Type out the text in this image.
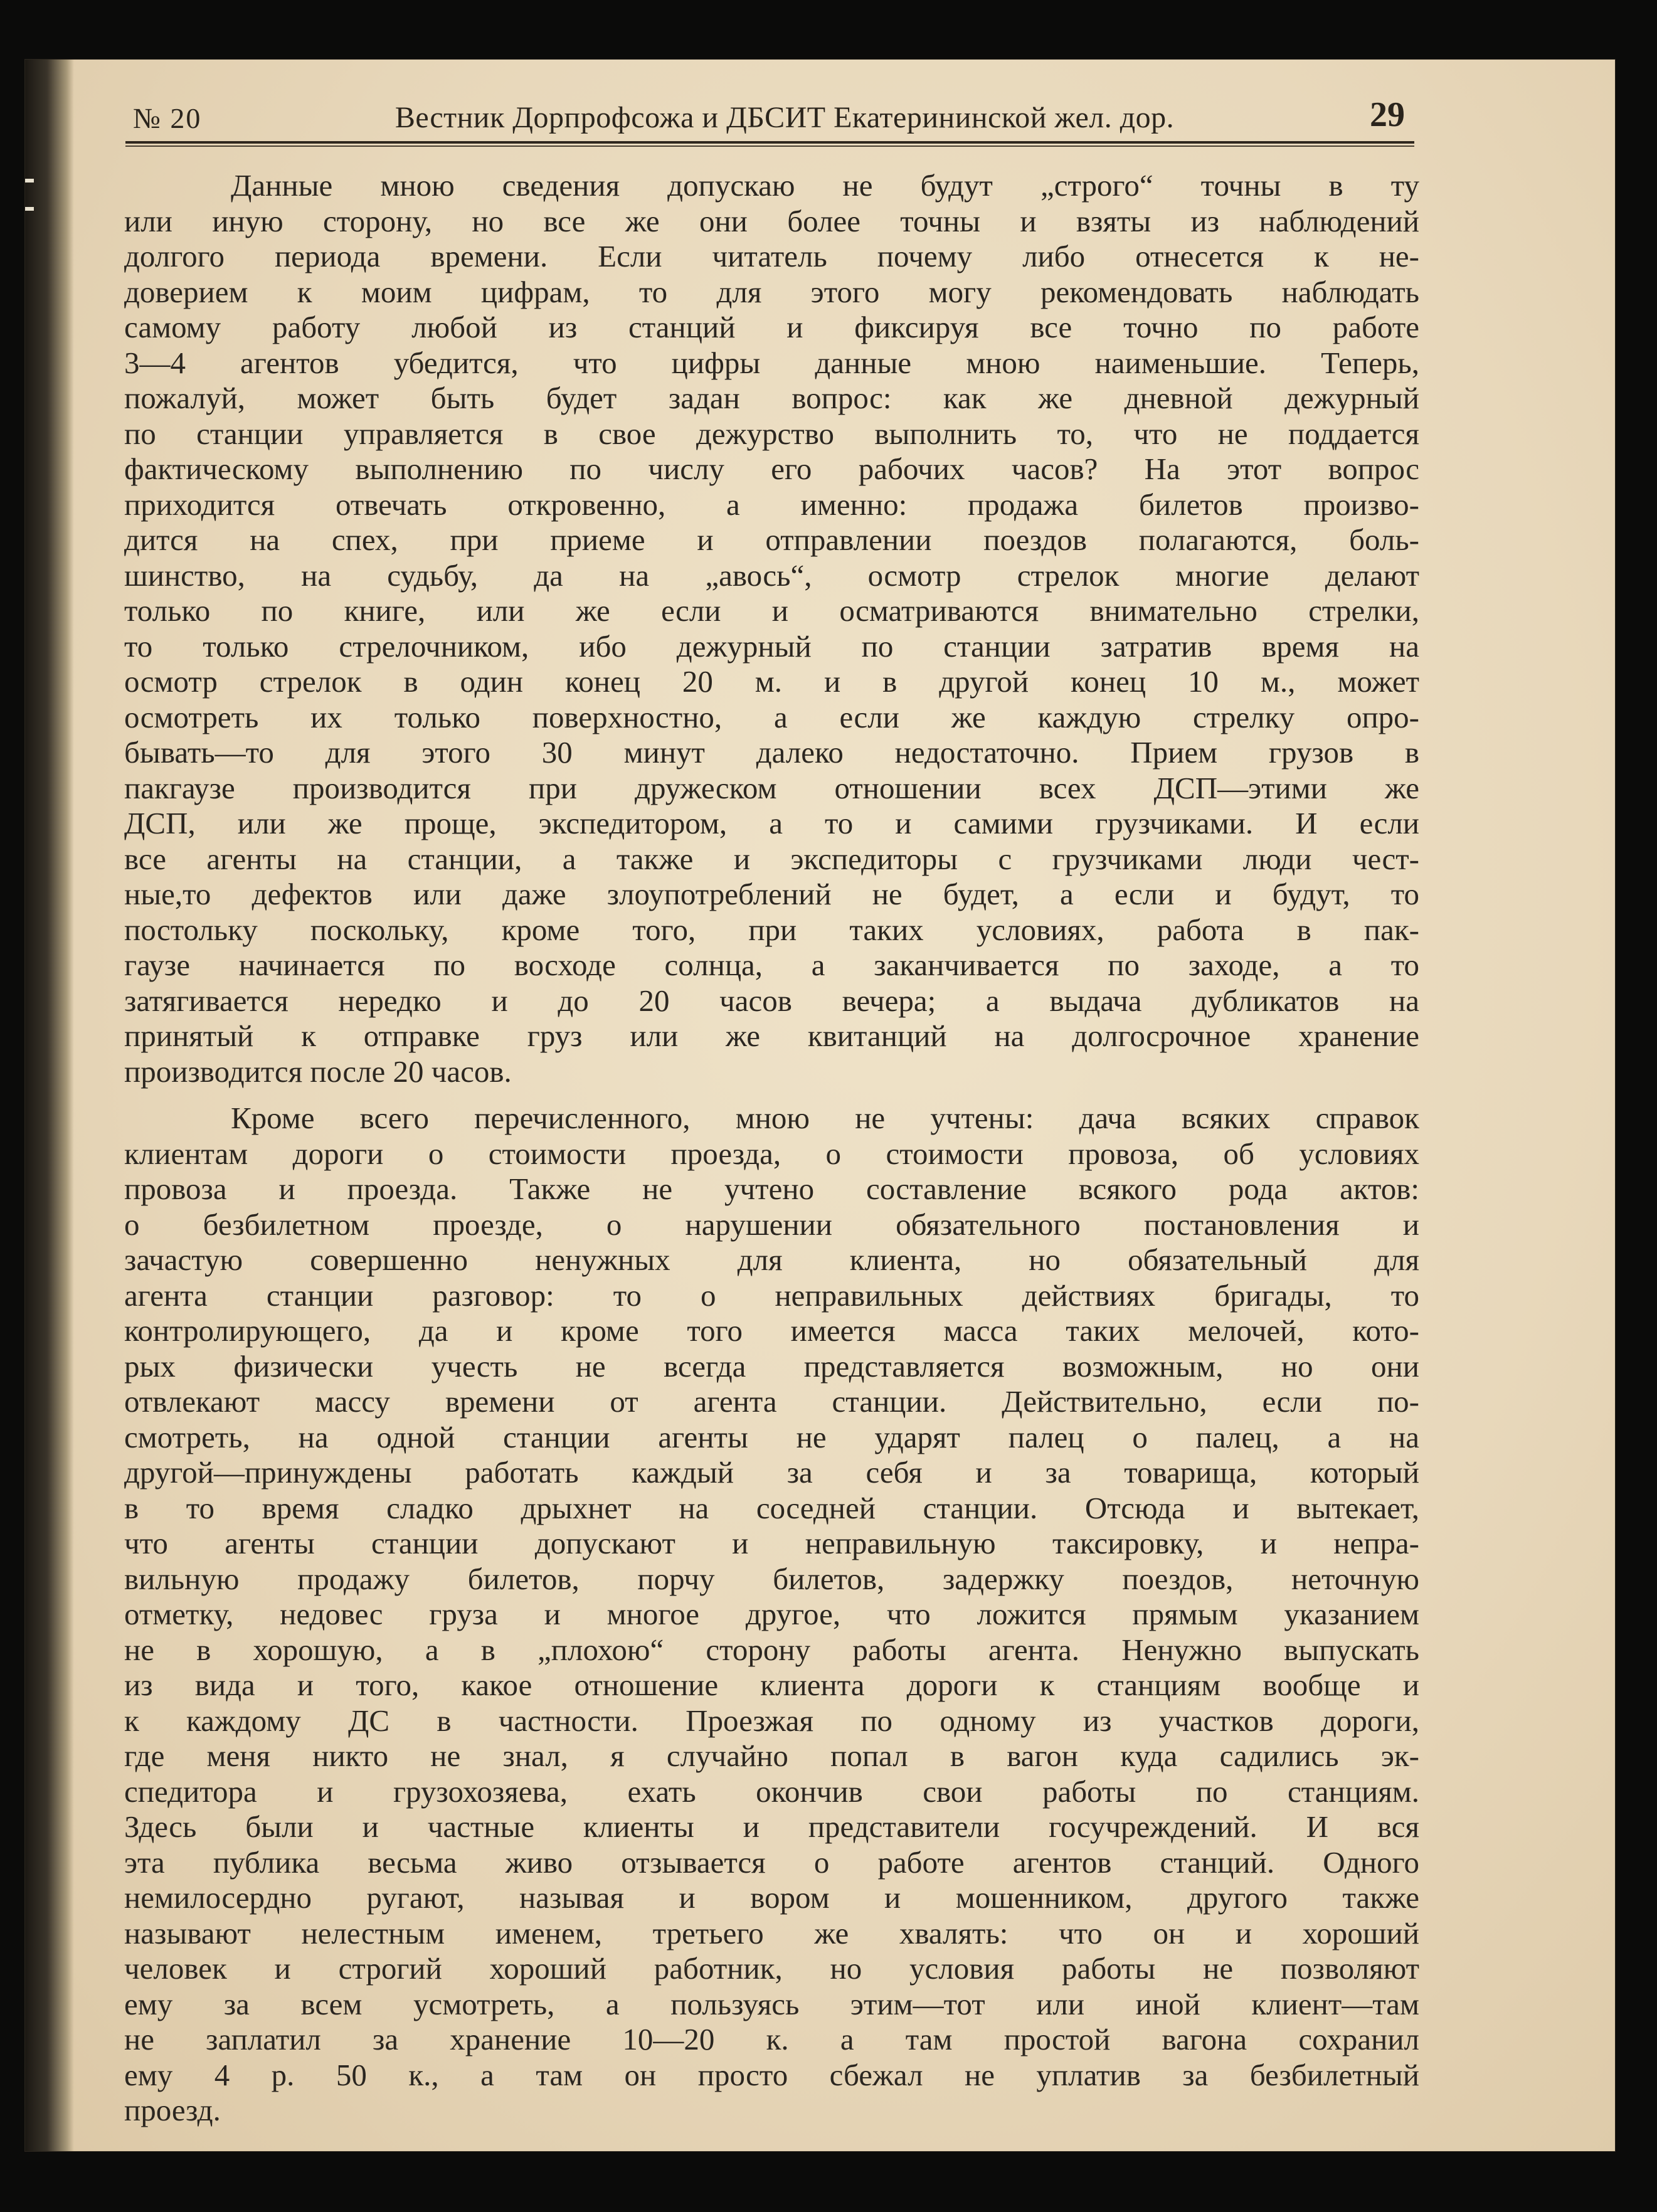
№ 20	Вестник Дорпрофсожа и ДБСИТ Екатерининской жел. дор.	29
Данные мною сведения допускаю не будут „строго“ точны в ту
или иную сторону, но все же они более точны и взяты из наблюдений
долгого периода времени. Если читатель почему либо отнесется к не-
доверием к моим цифрам, то для этого могу рекомендовать наблюдать
самому работу любой из станций и фиксируя все точно по работе
3—4 агентов убедится, что цифры данные мною наименьшие. Теперь,
пожалуй, может быть будет задан вопрос: как же дневной дежурный
по станции управляется в свое дежурство выполнить то, что не поддается
фактическому выполнению по числу его рабочих часов? На этот вопрос
приходится отвечать откровенно, а именно: продажа билетов произво-
дится на спех, при приеме и отправлении поездов полагаются, боль-
шинство, на судьбу, да на „авось“, осмотр стрелок многие делают
только по книге, или же если и осматриваются внимательно стрелки,
то только стрелочником, ибо дежурный по станции затратив время на
осмотр стрелок в один конец 20 м. и в другой конец 10 м., может
осмотреть их только поверхностно, а если же каждую стрелку опро-
бывать—то для этого 30 минут далеко недостаточно. Прием грузов в
пакгаузе производится при дружеском отношении всех ДСП—этими же
ДСП, или же проще, экспедитором, а то и самими грузчиками. И если
все агенты на станции, а также и экспедиторы с грузчиками люди чест-
ные,то дефектов или даже злоупотреблений не будет, а если и будут, то
постольку поскольку, кроме того, при таких условиях, работа в пак-
гаузе начинается по восходе солнца, а заканчивается по заходе, а то
затягивается нередко и до 20 часов вечера; а выдача дубликатов на
принятый к отправке груз или же квитанций на долгосрочное хранение
производится после 20 часов.
Кроме всего перечисленного, мною не учтены: дача всяких справок
клиентам дороги о стоимости проезда, о стоимости провоза, об условиях
провоза и проезда. Также не учтено составление всякого рода актов:
о безбилетном проезде, о нарушении обязательного постановления и
зачастую совершенно ненужных для клиента, но обязательный для
агента станции разговор: то о неправильных действиях бригады, то
контролирующего, да и кроме того имеется масса таких мелочей, кото-
рых физически учесть не всегда представляется возможным, но они
отвлекают массу времени от агента станции. Действительно, если по-
смотреть, на одной станции агенты не ударят палец о палец, а на
другой—принуждены работать каждый за себя и за товарища, который
в то время сладко дрыхнет на соседней станции. Отсюда и вытекает,
что агенты станции допускают и неправильную таксировку, и непра-
вильную продажу билетов, порчу билетов, задержку поездов, неточную
отметку, недовес груза и многое другое, что ложится прямым указанием
не в хорошую, а в „плохою“ сторону работы агента. Ненужно выпускать
из вида и того, какое отношение клиента дороги к станциям вообще и
к каждому ДС в частности. Проезжая по одному из участков дороги,
где меня никто не знал, я случайно попал в вагон куда садились эк-
спедитора и грузохозяева, ехать окончив свои работы по станциям.
Здесь были и частные клиенты и представители госучреждений. И вся
эта публика весьма живо отзывается о работе агентов станций. Одного
немилосердно ругают, называя и вором и мошенником, другого также
называют нелестным именем, третьего же хвалять: что он и хороший
человек и строгий хороший работник, но условия работы не позволяют
ему за всем усмотреть, а пользуясь этим—тот или иной клиент—там
не заплатил за хранение 10—20 к. а там простой вагона сохранил
ему 4 р. 50 к., а там он просто сбежал не уплатив за безбилетный
проезд.
